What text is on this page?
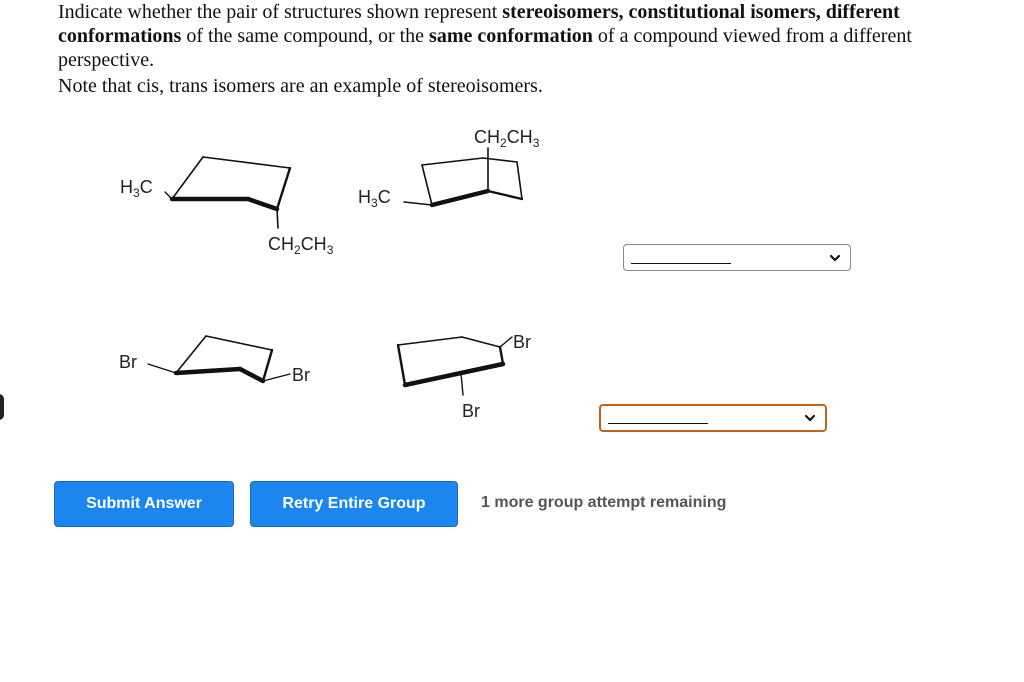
Indicate whether the pair of structures shown represent stereoisomers, constitutional isomers, different conformations of the same compound, or the same conformation of a compound viewed from a different perspective.
Note that cis, trans isomers are an example of stereoisomers.
$H_3C$
$CH_2CH_3$
$H_3C$
$CH_2CH_3$
Br
Br
Br
Br
Submit Answer	Retry Entire Group	1 more group attempt remaining
